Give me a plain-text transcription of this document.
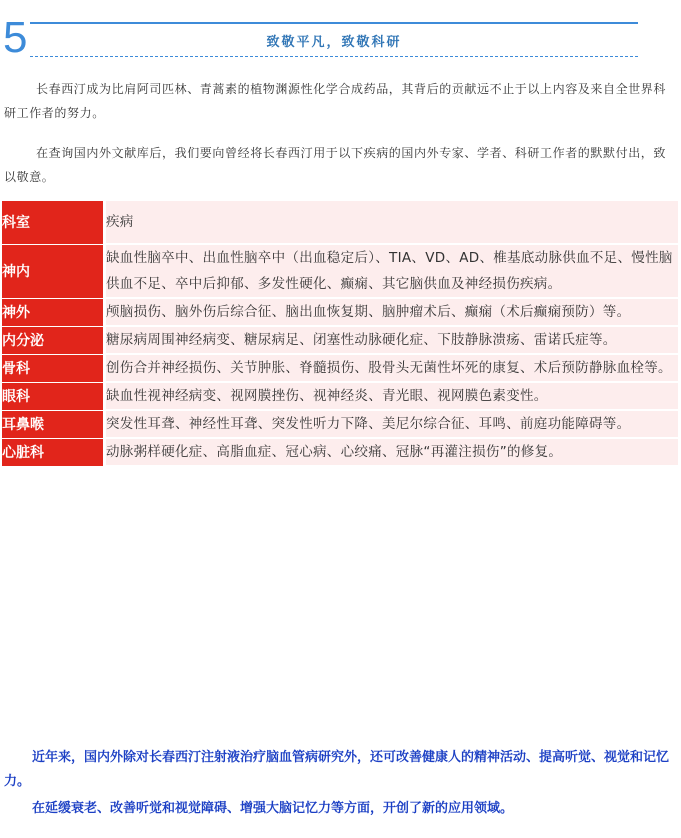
5	致敬平凡，致敬科研

长春西汀成为比肩阿司匹林、青蒿素的植物渊源性化学合成药品，其背后的贡献远不止于以上内容及来自全世界科研工作者的努力。

在查询国内外文献库后，我们要向曾经将长春西汀用于以下疾病的国内外专家、学者、科研工作者的默默付出，致以敬意。

科室	疾病
神内	缺血性脑卒中、出血性脑卒中（出血稳定后）、TIA、VD、AD、椎基底动脉供血不足、慢性脑供血不足、卒中后抑郁、多发性硬化、癫痫、其它脑供血及神经损伤疾病。
神外	颅脑损伤、脑外伤后综合征、脑出血恢复期、脑肿瘤术后、癫痫（术后癫痫预防）等。
内分泌	糖尿病周围神经病变、糖尿病足、闭塞性动脉硬化症、下肢静脉溃疡、雷诺氏症等。
骨科	创伤合并神经损伤、关节肿胀、脊髓损伤、股骨头无菌性坏死的康复、术后预防静脉血栓等。
眼科	缺血性视神经病变、视网膜挫伤、视神经炎、青光眼、视网膜色素变性。
耳鼻喉	突发性耳聋、神经性耳聋、突发性听力下降、美尼尔综合征、耳鸣、前庭功能障碍等。
心脏科	动脉粥样硬化症、高脂血症、冠心病、心绞痛、冠脉“再灌注损伤”的修复。

近年来，国内外除对长春西汀注射液治疗脑血管病研究外，还可改善健康人的精神活动、提高听觉、视觉和记忆力。

在延缓衰老、改善听觉和视觉障碍、增强大脑记忆力等方面，开创了新的应用领域。
